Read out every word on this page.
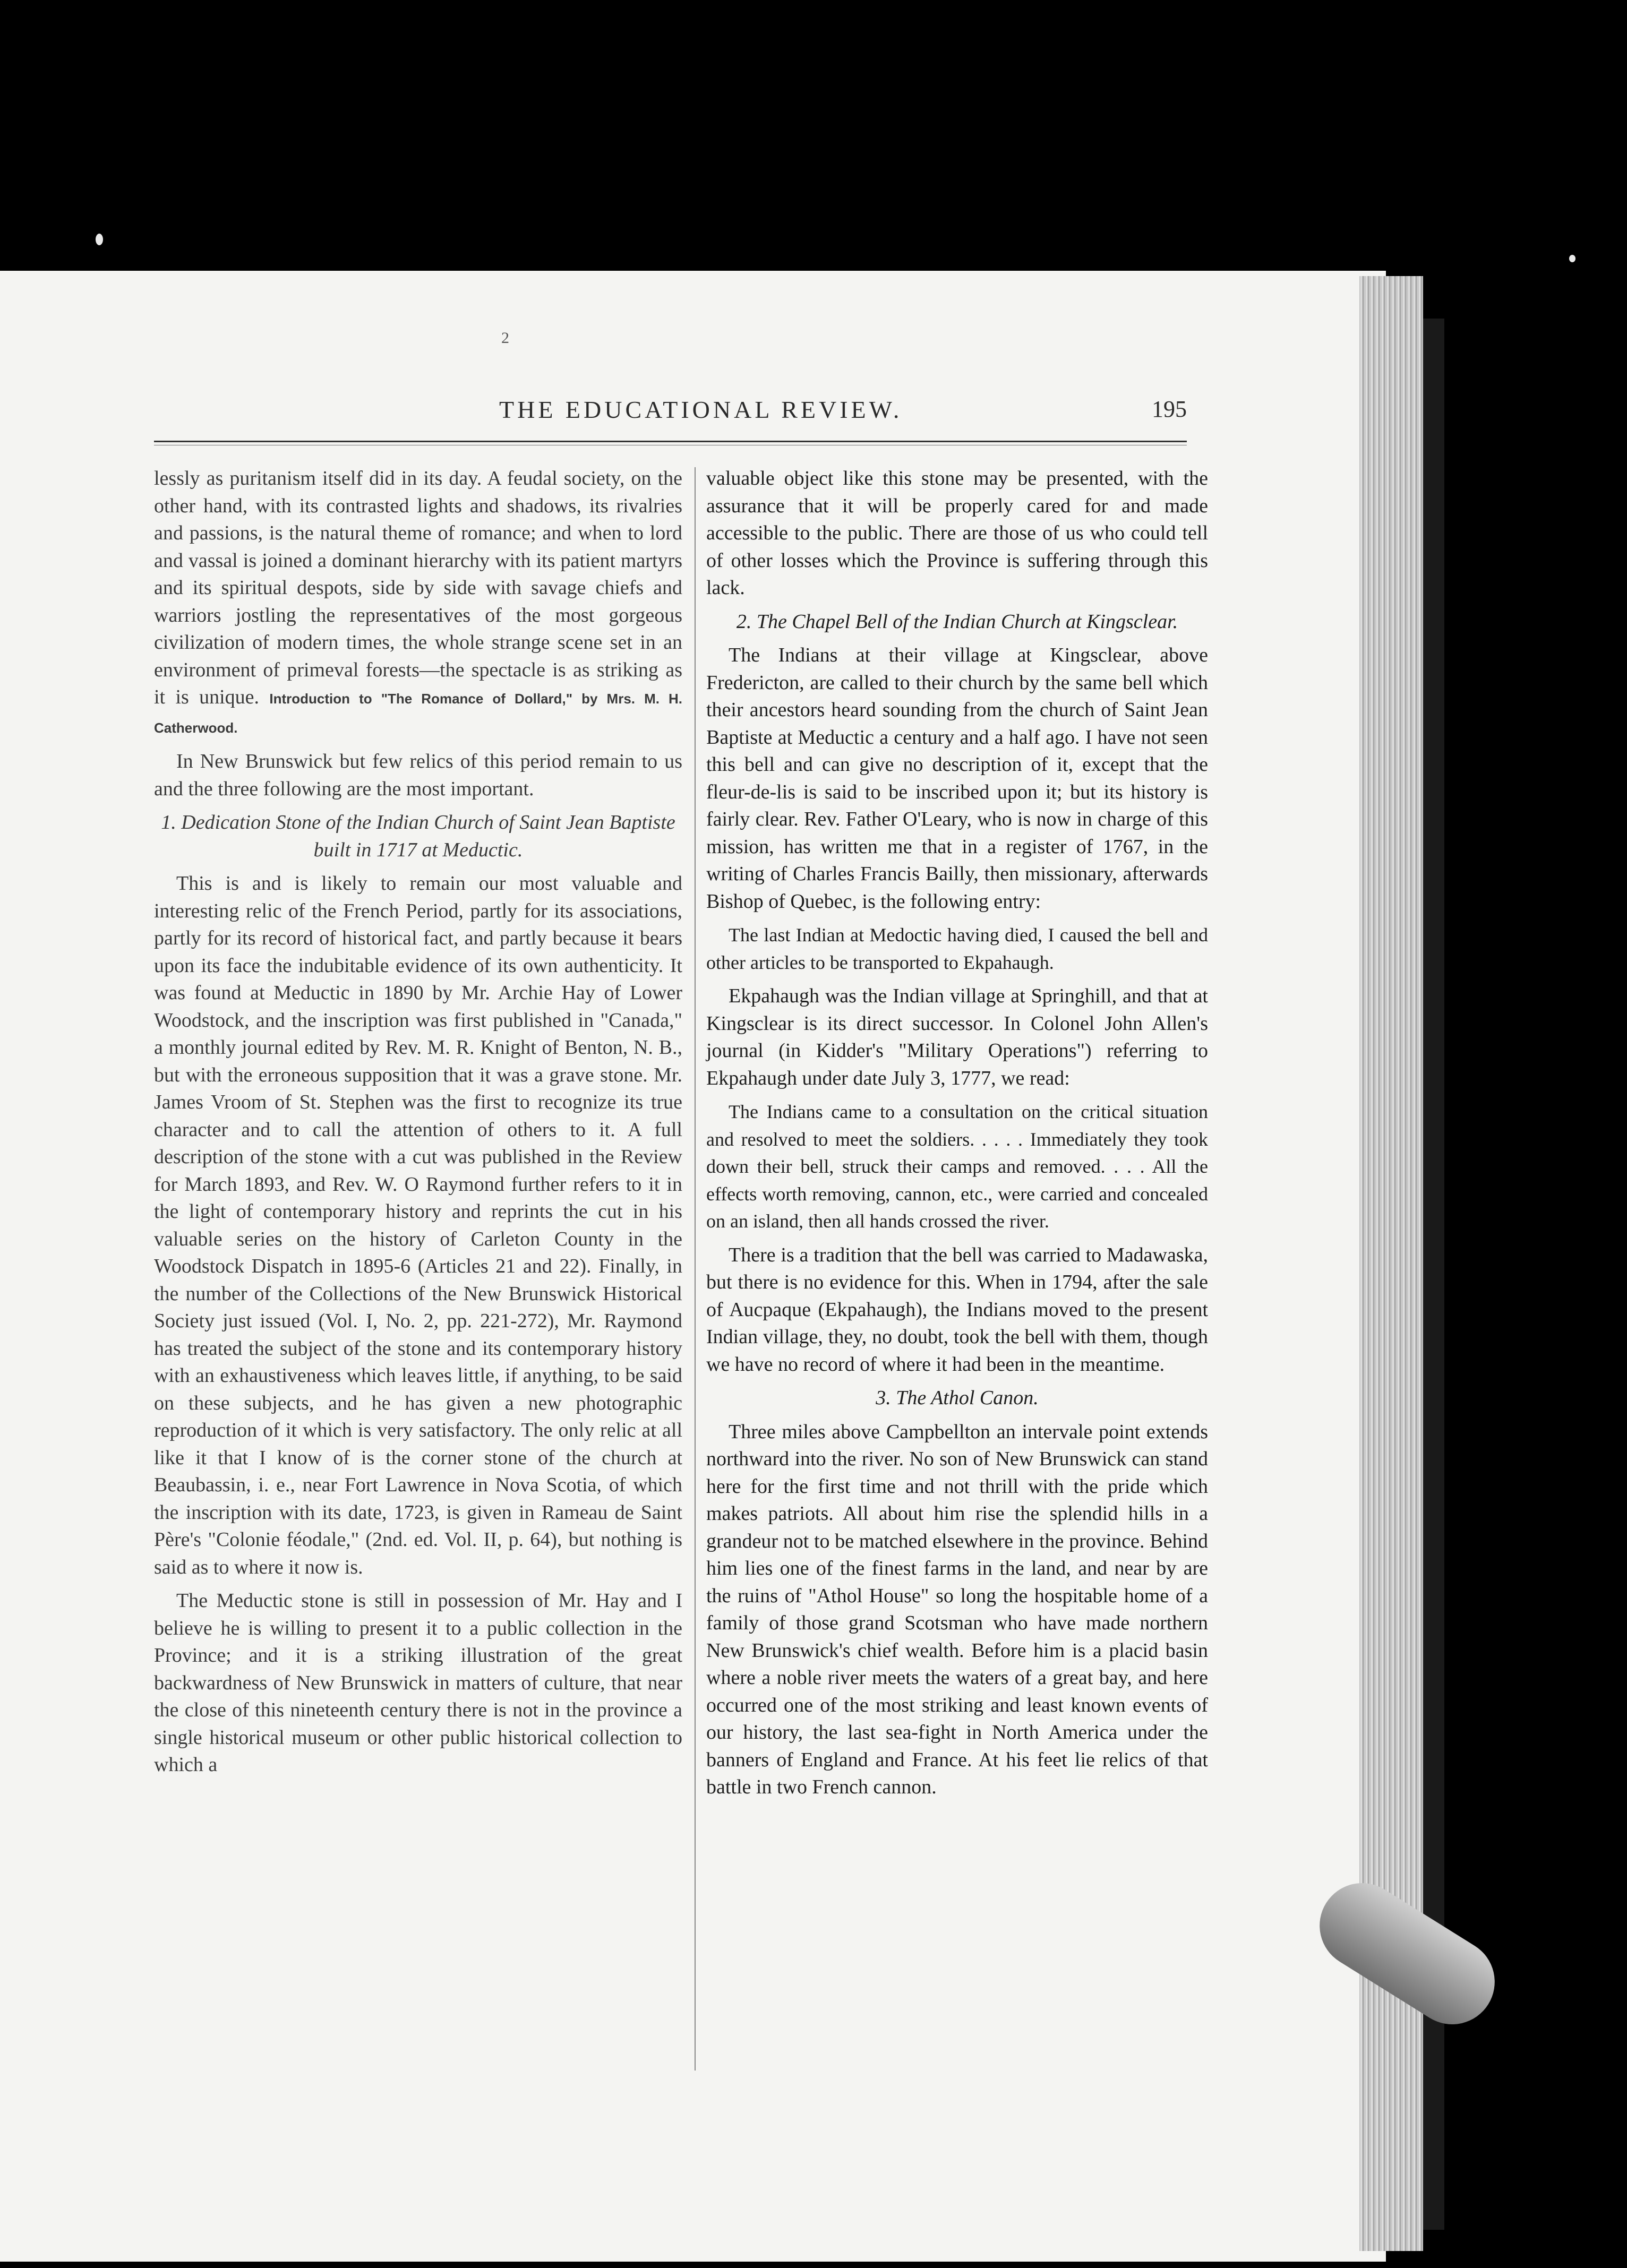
2
THE EDUCATIONAL REVIEW.	195

lessly as puritanism itself did in its day. A feudal society, on the other hand, with its contrasted lights and shadows, its rivalries and passions, is the natural theme of romance; and when to lord and vassal is joined a dominant hierarchy with its patient martyrs and its spiritual despots, side by side with savage chiefs and warriors jostling the representatives of the most gorgeous civilization of modern times, the whole strange scene set in an environment of primeval forests—the spectacle is as striking as it is unique. Introduction to "The Romance of Dollard," by Mrs. M. H. Catherwood.

In New Brunswick but few relics of this period remain to us and the three following are the most important.

1. Dedication Stone of the Indian Church of Saint Jean Baptiste built in 1717 at Meductic.

This is and is likely to remain our most valuable and interesting relic of the French Period, partly for its associations, partly for its record of historical fact, and partly because it bears upon its face the indubitable evidence of its own authenticity. It was found at Meductic in 1890 by Mr. Archie Hay of Lower Woodstock, and the inscription was first published in "Canada," a monthly journal edited by Rev. M. R. Knight of Benton, N. B., but with the erroneous supposition that it was a grave stone. Mr. James Vroom of St. Stephen was the first to recognize its true character and to call the attention of others to it. A full description of the stone with a cut was published in the Review for March 1893, and Rev. W. O Raymond further refers to it in the light of contemporary history and reprints the cut in his valuable series on the history of Carleton County in the Woodstock Dispatch in 1895-6 (Articles 21 and 22). Finally, in the number of the Collections of the New Brunswick Historical Society just issued (Vol. I, No. 2, pp. 221-272), Mr. Raymond has treated the subject of the stone and its contemporary history with an exhaustiveness which leaves little, if anything, to be said on these subjects, and he has given a new photographic reproduction of it which is very satisfactory. The only relic at all like it that I know of is the corner stone of the church at Beaubassin, i. e., near Fort Lawrence in Nova Scotia, of which the inscription with its date, 1723, is given in Rameau de Saint Père's "Colonie féodale," (2nd. ed. Vol. II, p. 64), but nothing is said as to where it now is.

The Meductic stone is still in possession of Mr. Hay and I believe he is willing to present it to a public collection in the Province; and it is a striking illustration of the great backwardness of New Brunswick in matters of culture, that near the close of this nineteenth century there is not in the province a single historical museum or other public historical collection to which a

valuable object like this stone may be presented, with the assurance that it will be properly cared for and made accessible to the public. There are those of us who could tell of other losses which the Province is suffering through this lack.

2. The Chapel Bell of the Indian Church at Kingsclear.

The Indians at their village at Kingsclear, above Fredericton, are called to their church by the same bell which their ancestors heard sounding from the church of Saint Jean Baptiste at Meductic a century and a half ago. I have not seen this bell and can give no description of it, except that the fleur-de-lis is said to be inscribed upon it; but its history is fairly clear. Rev. Father O'Leary, who is now in charge of this mission, has written me that in a register of 1767, in the writing of Charles Francis Bailly, then missionary, afterwards Bishop of Quebec, is the following entry:

The last Indian at Medoctic having died, I caused the bell and other articles to be transported to Ekpahaugh.

Ekpahaugh was the Indian village at Springhill, and that at Kingsclear is its direct successor. In Colonel John Allen's journal (in Kidder's "Military Operations") referring to Ekpahaugh under date July 3, 1777, we read:

The Indians came to a consultation on the critical situation and resolved to meet the soldiers. . . . . Immediately they took down their bell, struck their camps and removed. . . . All the effects worth removing, cannon, etc., were carried and concealed on an island, then all hands crossed the river.

There is a tradition that the bell was carried to Madawaska, but there is no evidence for this. When in 1794, after the sale of Aucpaque (Ekpahaugh), the Indians moved to the present Indian village, they, no doubt, took the bell with them, though we have no record of where it had been in the meantime.

3. The Athol Canon.

Three miles above Campbellton an intervale point extends northward into the river. No son of New Brunswick can stand here for the first time and not thrill with the pride which makes patriots. All about him rise the splendid hills in a grandeur not to be matched elsewhere in the province. Behind him lies one of the finest farms in the land, and near by are the ruins of "Athol House" so long the hospitable home of a family of those grand Scotsman who have made northern New Brunswick's chief wealth. Before him is a placid basin where a noble river meets the waters of a great bay, and here occurred one of the most striking and least known events of our history, the last sea-fight in North America under the banners of England and France. At his feet lie relics of that battle in two French cannon.
